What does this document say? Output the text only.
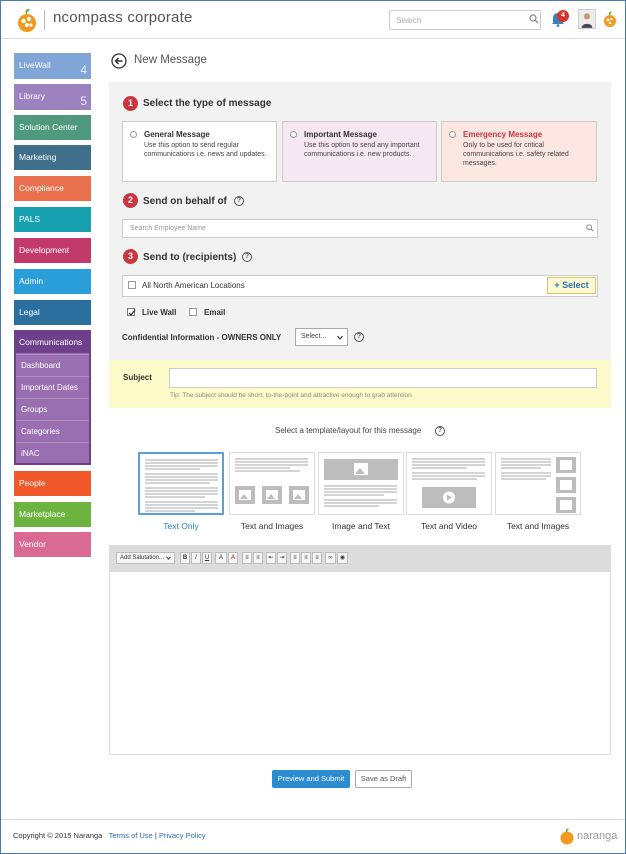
ncompass corporate	Search
4
LiveWall 4
Library	5
Solution Center
Marketing
Compliance
PALS
Development
Admin
Legal
Communications
People
Marketplace
Vendor
Dashboard
Important Dates
Groups
Categories
iNAC
New Message
1	Select the type of message
General Message
Use this option to send regular communications i.e. news and updates.
Important Message
Use this option to send any important communications i.e. new products.
Emergency Message
Only to be used for critical communications i.e. safety related messages.
2	Send on behalf of	?
Search Employee Name
3	Send to (recipients)	?
All North American Locations	+ Select
Live Wall	Email
Confidential Information - OWNERS ONLY	Select...	?
Subject
Tip: The subject should be short, to-the-point and attractive enough to grab attention.
Select a template/layout for this message	?
Text Only	Text and Images	Image and Text	Text and Video	Text and Images
Add Salutation...	B	I	U	A	A	≡	≡	⇤ ⇥	≡	≡	≡	∞	◉
Preview and Submit	Save as Draft
Copyright © 2015 Naranga Terms of Use | Privacy Policy	naranga
